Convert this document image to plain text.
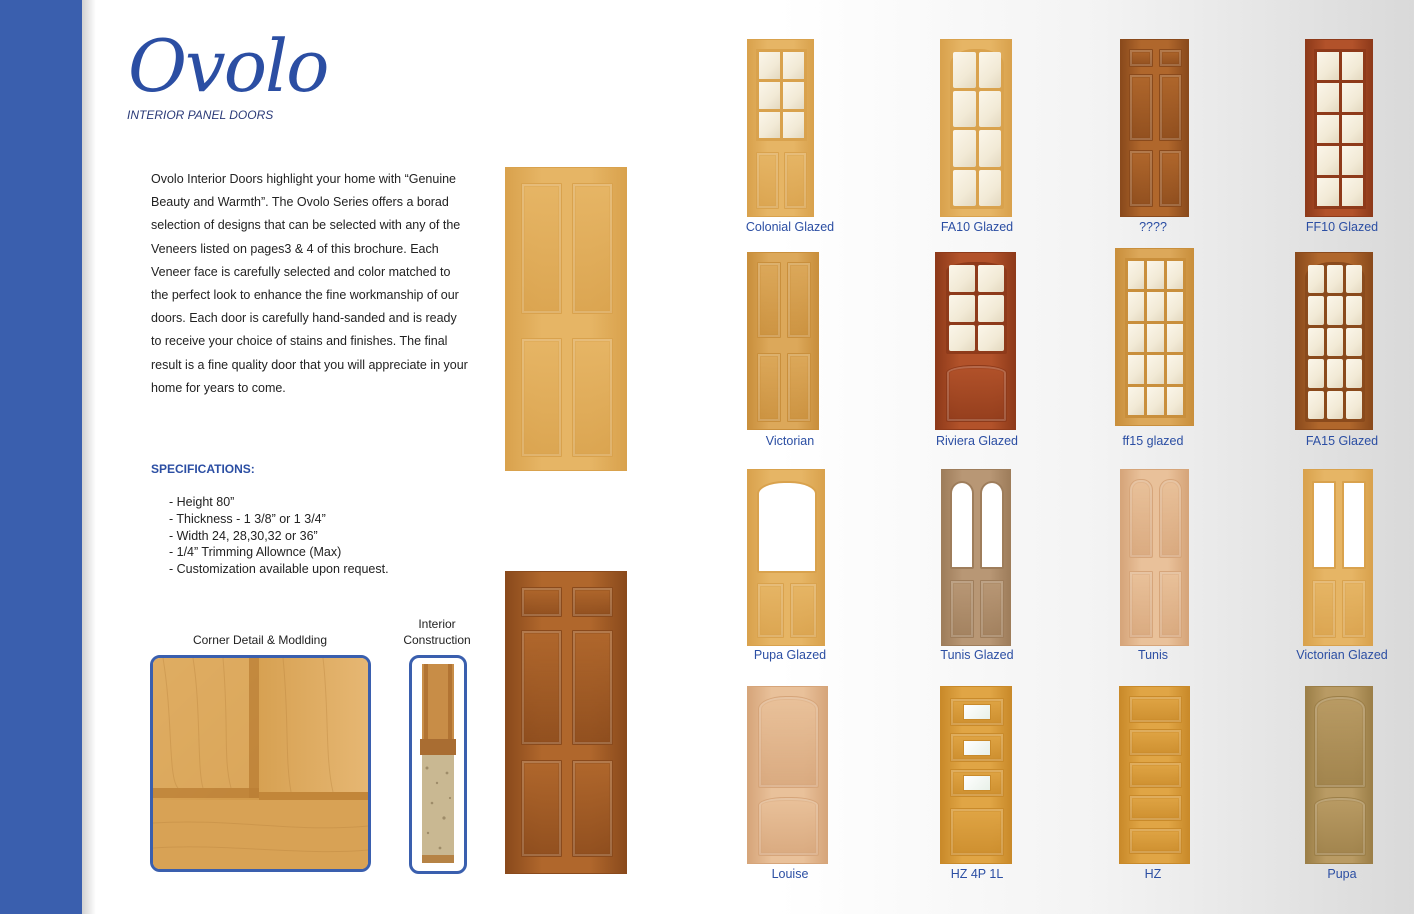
Ovolo
INTERIOR PANEL DOORS
Ovolo Interior Doors highlight your home with “Genuine Beauty and Warmth”. The Ovolo Series offers a borad selection of designs that can be selected with any of the Veneers listed on pages3 & 4 of this brochure. Each Veneer face is carefully selected and color matched to the perfect look to enhance the fine workmanship of our doors. Each door is carefully hand-sanded and is ready to receive your choice of stains and finishes. The final result is a fine quality door that you will appreciate in your home for years to come.
SPECIFICATIONS:
- Height 80”
- Thickness - 1 3/8” or 1 3/4”
- Width 24, 28,30,32 or 36”
- 1/4” Trimming Allownce (Max)
- Customization available upon request.
Corner Detail & Modlding
Interior
Construction
Colonial Glazed	FA10 Glazed	????	FF10 Glazed
Victorian	Riviera Glazed	ff15 glazed	FA15 Glazed
Pupa Glazed	Tunis Glazed	Tunis	Victorian Glazed
Louise	HZ 4P 1L	HZ	Pupa
